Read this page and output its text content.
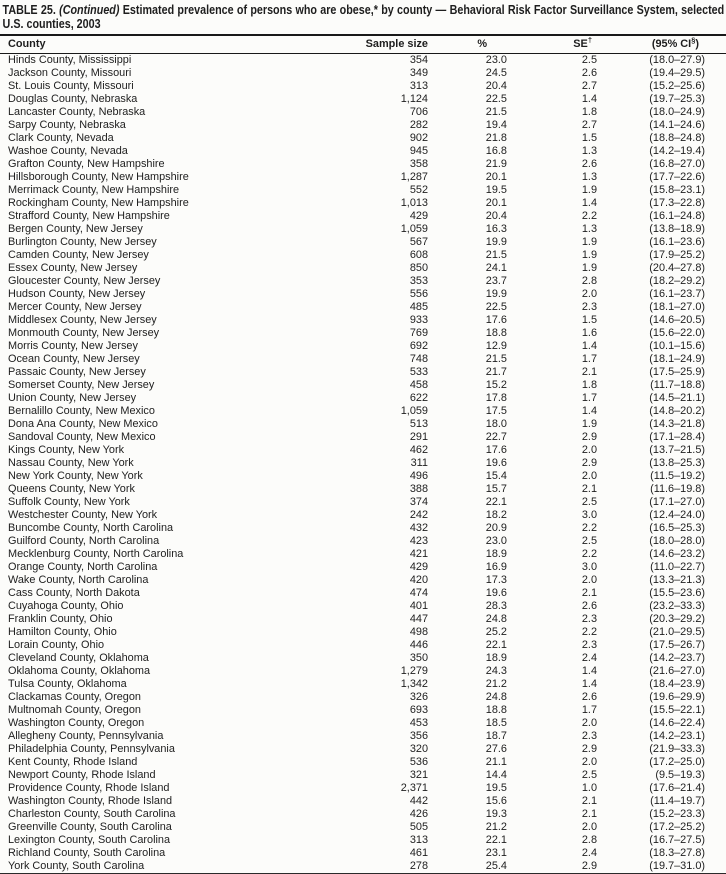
TABLE 25. (Continued) Estimated prevalence of persons who are obese,* by county — Behavioral Risk Factor Surveillance System, selected U.S. counties, 2003

County	Sample size	%	SE†	(95% CI§)
Hinds County, Mississippi	354	23.0	2.5	(18.0–27.9)
Jackson County, Missouri	349	24.5	2.6	(19.4–29.5)
St. Louis County, Missouri	313	20.4	2.7	(15.2–25.6)
Douglas County, Nebraska	1,124	22.5	1.4	(19.7–25.3)
Lancaster County, Nebraska	706	21.5	1.8	(18.0–24.9)
Sarpy County, Nebraska	282	19.4	2.7	(14.1–24.6)
Clark County, Nevada	902	21.8	1.5	(18.8–24.8)
Washoe County, Nevada	945	16.8	1.3	(14.2–19.4)
Grafton County, New Hampshire	358	21.9	2.6	(16.8–27.0)
Hillsborough County, New Hampshire	1,287	20.1	1.3	(17.7–22.6)
Merrimack County, New Hampshire	552	19.5	1.9	(15.8–23.1)
Rockingham County, New Hampshire	1,013	20.1	1.4	(17.3–22.8)
Strafford County, New Hampshire	429	20.4	2.2	(16.1–24.8)
Bergen County, New Jersey	1,059	16.3	1.3	(13.8–18.9)
Burlington County, New Jersey	567	19.9	1.9	(16.1–23.6)
Camden County, New Jersey	608	21.5	1.9	(17.9–25.2)
Essex County, New Jersey	850	24.1	1.9	(20.4–27.8)
Gloucester County, New Jersey	353	23.7	2.8	(18.2–29.2)
Hudson County, New Jersey	556	19.9	2.0	(16.1–23.7)
Mercer County, New Jersey	485	22.5	2.3	(18.1–27.0)
Middlesex County, New Jersey	933	17.6	1.5	(14.6–20.5)
Monmouth County, New Jersey	769	18.8	1.6	(15.6–22.0)
Morris County, New Jersey	692	12.9	1.4	(10.1–15.6)
Ocean County, New Jersey	748	21.5	1.7	(18.1–24.9)
Passaic County, New Jersey	533	21.7	2.1	(17.5–25.9)
Somerset County, New Jersey	458	15.2	1.8	(11.7–18.8)
Union County, New Jersey	622	17.8	1.7	(14.5–21.1)
Bernalillo County, New Mexico	1,059	17.5	1.4	(14.8–20.2)
Dona Ana County, New Mexico	513	18.0	1.9	(14.3–21.8)
Sandoval County, New Mexico	291	22.7	2.9	(17.1–28.4)
Kings County, New York	462	17.6	2.0	(13.7–21.5)
Nassau County, New York	311	19.6	2.9	(13.8–25.3)
New York County, New York	496	15.4	2.0	(11.5–19.2)
Queens County, New York	388	15.7	2.1	(11.6–19.8)
Suffolk County, New York	374	22.1	2.5	(17.1–27.0)
Westchester County, New York	242	18.2	3.0	(12.4–24.0)
Buncombe County, North Carolina	432	20.9	2.2	(16.5–25.3)
Guilford County, North Carolina	423	23.0	2.5	(18.0–28.0)
Mecklenburg County, North Carolina	421	18.9	2.2	(14.6–23.2)
Orange County, North Carolina	429	16.9	3.0	(11.0–22.7)
Wake County, North Carolina	420	17.3	2.0	(13.3–21.3)
Cass County, North Dakota	474	19.6	2.1	(15.5–23.6)
Cuyahoga County, Ohio	401	28.3	2.6	(23.2–33.3)
Franklin County, Ohio	447	24.8	2.3	(20.3–29.2)
Hamilton County, Ohio	498	25.2	2.2	(21.0–29.5)
Lorain County, Ohio	446	22.1	2.3	(17.5–26.7)
Cleveland County, Oklahoma	350	18.9	2.4	(14.2–23.7)
Oklahoma County, Oklahoma	1,279	24.3	1.4	(21.6–27.0)
Tulsa County, Oklahoma	1,342	21.2	1.4	(18.4–23.9)
Clackamas County, Oregon	326	24.8	2.6	(19.6–29.9)
Multnomah County, Oregon	693	18.8	1.7	(15.5–22.1)
Washington County, Oregon	453	18.5	2.0	(14.6–22.4)
Allegheny County, Pennsylvania	356	18.7	2.3	(14.2–23.1)
Philadelphia County, Pennsylvania	320	27.6	2.9	(21.9–33.3)
Kent County, Rhode Island	536	21.1	2.0	(17.2–25.0)
Newport County, Rhode Island	321	14.4	2.5	(9.5–19.3)
Providence County, Rhode Island	2,371	19.5	1.0	(17.6–21.4)
Washington County, Rhode Island	442	15.6	2.1	(11.4–19.7)
Charleston County, South Carolina	426	19.3	2.1	(15.2–23.3)
Greenville County, South Carolina	505	21.2	2.0	(17.2–25.2)
Lexington County, South Carolina	313	22.1	2.8	(16.7–27.5)
Richland County, South Carolina	461	23.1	2.4	(18.3–27.8)
York County, South Carolina	278	25.4	2.9	(19.7–31.0)
